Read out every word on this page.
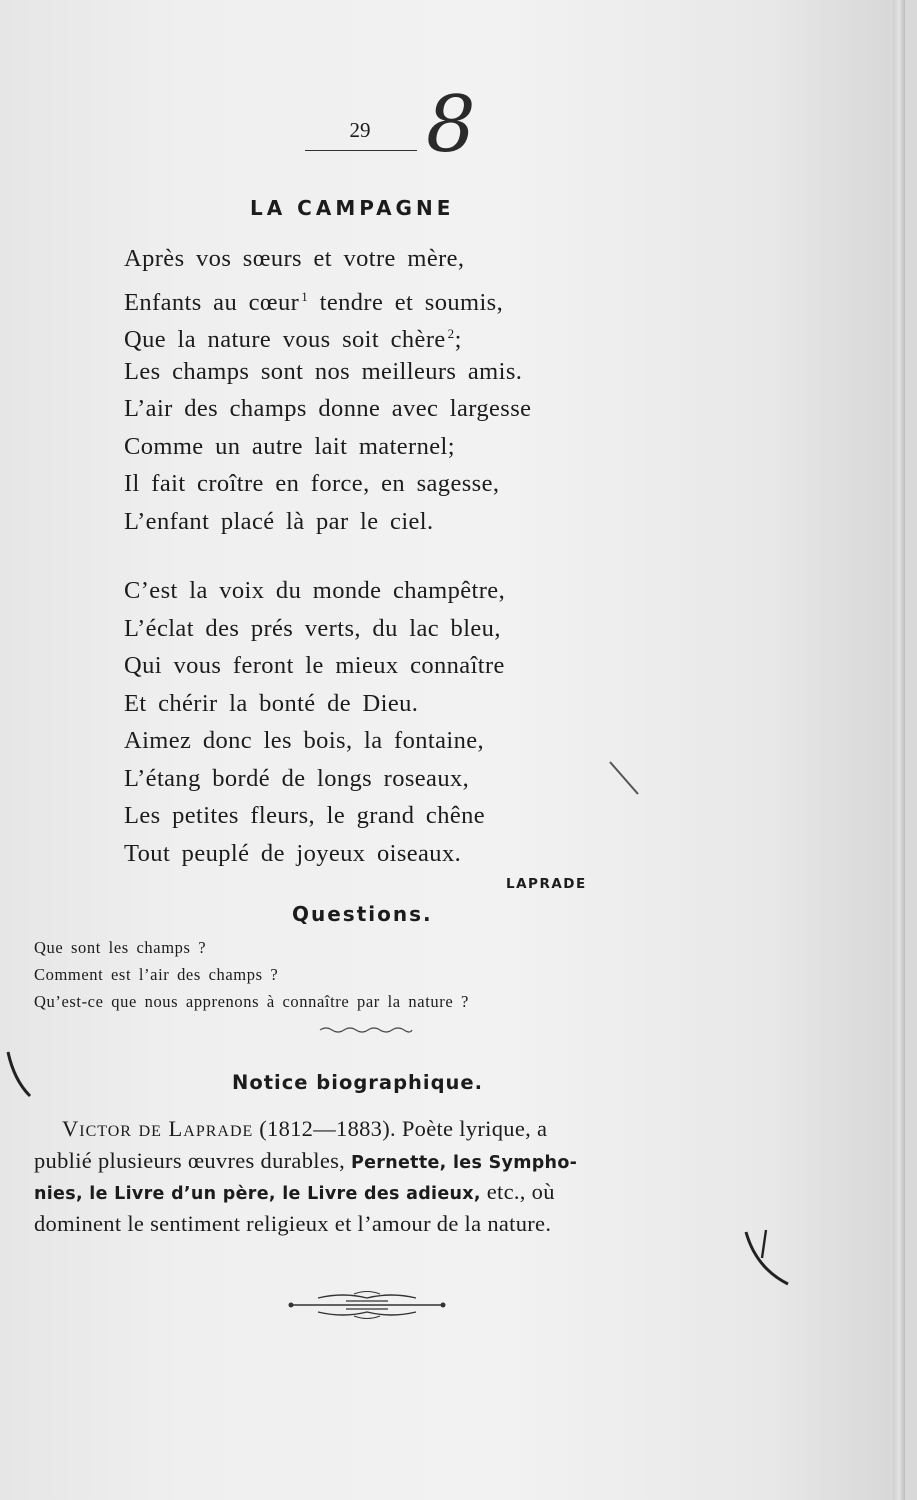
29 8
LA CAMPAGNE
Après vos sœurs et votre mère,
Enfants au cœur $^1$ tendre et soumis,
Que la nature vous soit chère $^2$;
Les champs sont nos meilleurs amis.
L’air des champs donne avec largesse
Comme un autre lait maternel;
Il fait croître en force, en sagesse,
L’enfant placé là par le ciel.
C’est la voix du monde champêtre,
L’éclat des prés verts, du lac bleu,
Qui vous feront le mieux connaître
Et chérir la bonté de Dieu.
Aimez donc les bois, la fontaine,
L’étang bordé de longs roseaux,
Les petites fleurs, le grand chêne
Tout peuplé de joyeux oiseaux.
LAPRADE
Questions.
Que sont les champs ?
Comment est l’air des champs ?
Qu’est-ce que nous apprenons à connaître par la nature ?
Notice biographique.
Victor de Laprade (1812—1883). Poète lyrique, a
publié plusieurs œuvres durables, Pernette, les Sympho-
nies, le Livre d’un père, le Livre des adieux, etc., où
dominent le sentiment religieux et l’amour de la nature.
